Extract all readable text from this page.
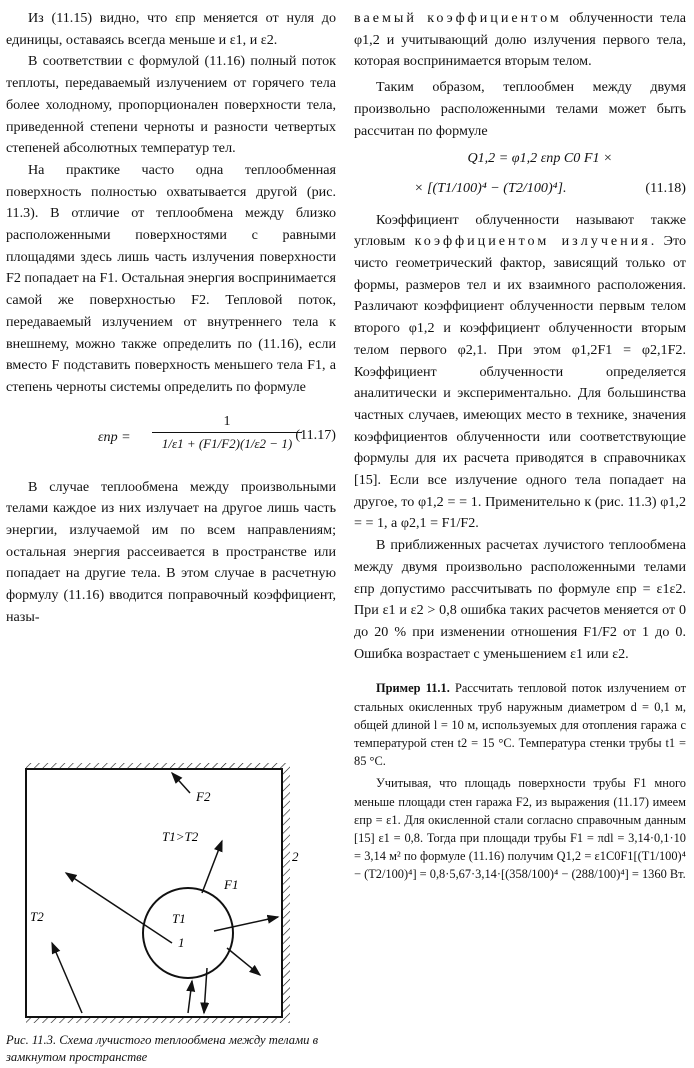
Из (11.15) видно, что εпр меняется от нуля до единицы, оставаясь всегда меньше и ε1, и ε2.

В соответствии с формулой (11.16) полный поток теплоты, передаваемый излучением от горячего тела более холодному, пропорционален поверхности тела, приведенной степени черноты и разности четвертых степеней абсолютных температур тел.

На практике часто одна теплообменная поверхность полностью охватывается другой (рис. 11.3). В отличие от теплообмена между близко расположенными поверхностями с равными площадями здесь лишь часть излучения поверхности F2 попадает на F1. Остальная энергия воспринимается самой же поверхностью F2. Тепловой поток, передаваемый излучением от внутреннего тела к внешнему, можно также определить по (11.16), если вместо F подставить поверхность меньшего тела F1, а степень черноты системы определить по формуле

$\varepsilon пр = \frac{1}{1/\varepsilon 1 + (F1/F2)(1/\varepsilon 2 - 1)}$
(11.17)

В случае теплообмена между произвольными телами каждое из них излучает на другое лишь часть энергии, излучаемой им по всем направлениям; остальная энергия рассеивается в пространстве или попадает на другие тела. В этом случае в расчетную формулу (11.16) вводится поправочный коэффициент, назы-

ваемый коэффициентом облученности тела φ1,2 и учитывающий долю излучения первого тела, которая воспринимается вторым телом.

Таким образом, теплообмен между двумя произвольно расположенными телами может быть рассчитан по формуле

Q1,2 = φ1,2 εпр C0 F1 ×
× [(T1/100)⁴ − (T2/100)⁴].	(11.18)

Коэффициент облученности называют также угловым коэффициентом излучения. Это чисто геометрический фактор, зависящий только от формы, размеров тел и их взаимного расположения. Различают коэффициент облученности первым телом второго φ1,2 и коэффициент облученности вторым телом первого φ2,1. При этом φ1,2F1 = φ2,1F2. Коэффициент облученности определяется аналитически и экспериментально. Для большинства частных случаев, имеющих место в технике, значения коэффициентов облученности или соответствующие формулы для их расчета приводятся в справочниках [15]. Если все излучение одного тела попадает на другое, то φ1,2 = = 1. Применительно к (рис. 11.3) φ1,2 = = 1, а φ2,1 = F1/F2.

В приближенных расчетах лучистого теплообмена между двумя произвольно расположенными телами εпр допустимо рассчитывать по формуле εпр = ε1ε2. При ε1 и ε2 > 0,8 ошибка таких расчетов меняется от 0 до 20 % при изменении отношения F1/F2 от 1 до 0. Ошибка возрастает с уменьшением ε1 или ε2.

Пример 11.1. Рассчитать тепловой поток излучением от стальных окисленных труб наружным диаметром d = 0,1 м, общей длиной l = 10 м, используемых для отопления гаража с температурой стен t2 = 15 °C. Температура стенки трубы t1 = 85 °C.

Учитывая, что площадь поверхности трубы F1 много меньше площади стен гаража F2, из выражения (11.17) имеем εпр = ε1. Для окисленной стали согласно справочным данным [15] ε1 = 0,8. Тогда при площади трубы F1 = πdl = 3,14·0,1·10 = 3,14 м² по формуле (11.16) получим Q1,2 = ε1C0F1[(T1/100)⁴ − (T2/100)⁴] = 0,8·5,67·3,14·[(358/100)⁴ − (288/100)⁴] = 1360 Вт.

F2
T1>T2
2
T2
F1
T1
1
Рис. 11.3. Схема лучистого теплообмена между телами в замкнутом пространстве
